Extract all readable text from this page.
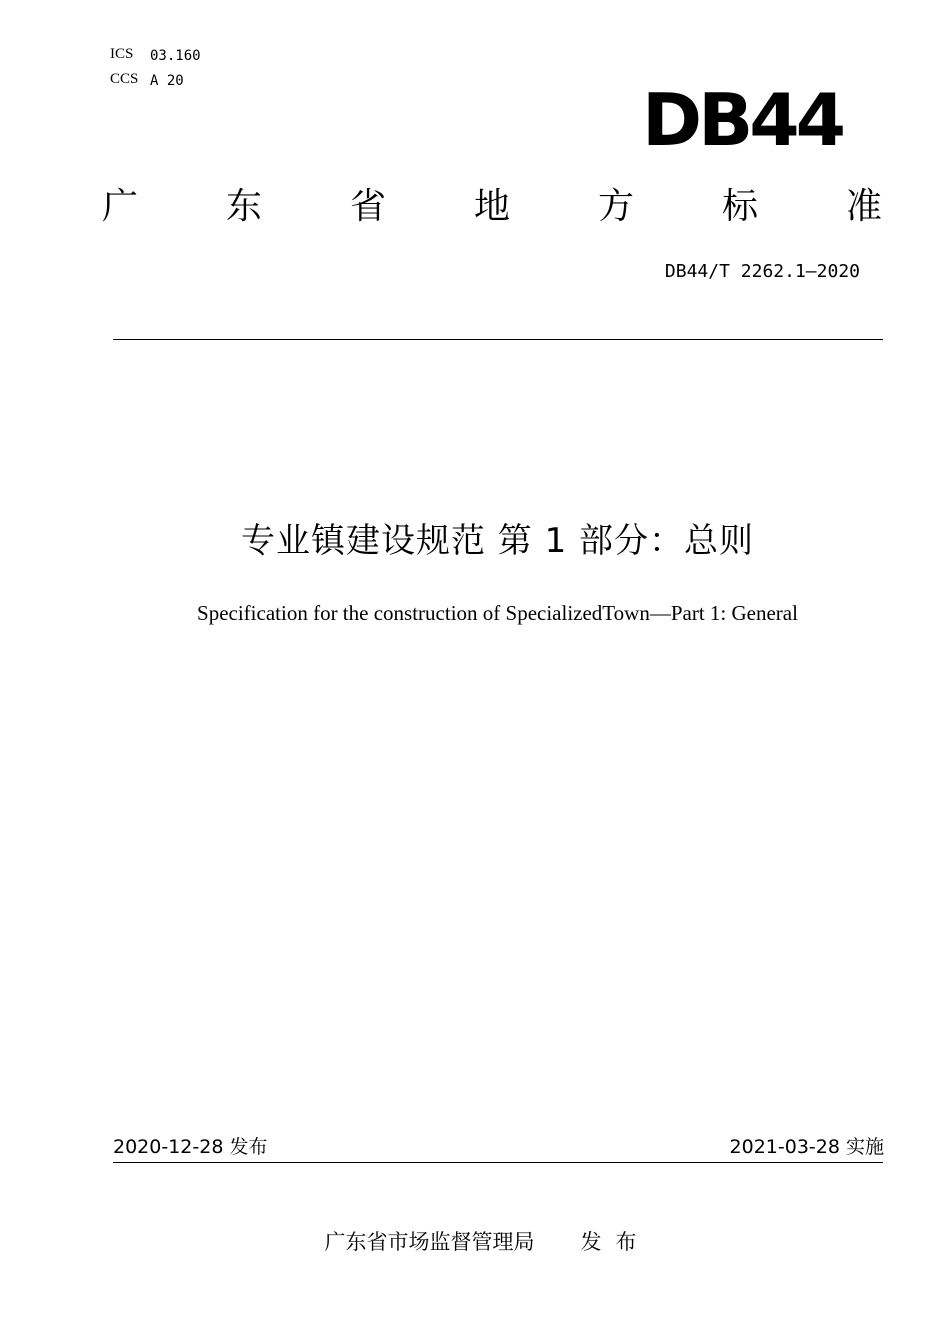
ICS 03.160
CCS A 20	DB44
广 东 省 地 方 标 准
DB44/T 2262.1—2020
专业镇建设规范 第 1 部分：总则
Specification for the construction of SpecializedTown—Part 1: General
2020-12-28 发布	2021-03-28 实施
广东省市场监督管理局 发布
